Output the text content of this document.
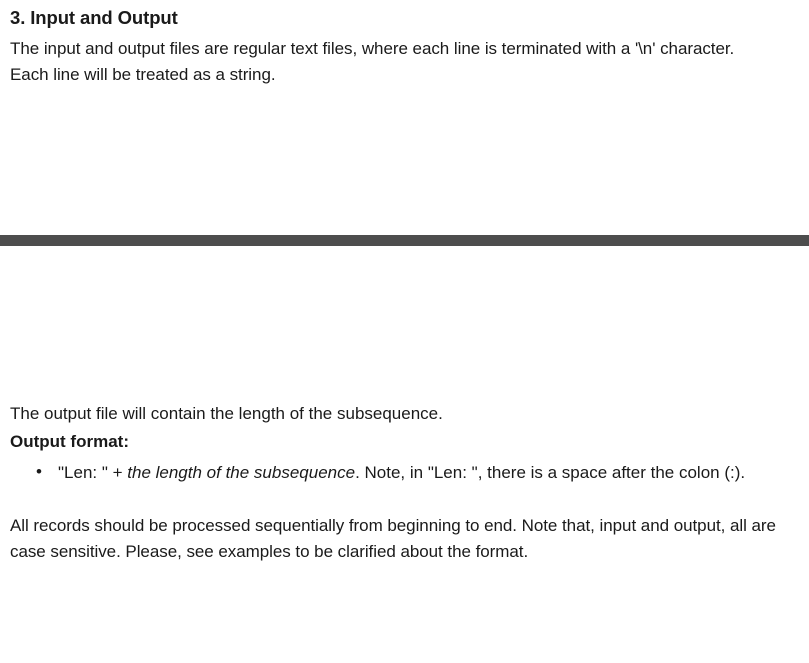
3. Input and Output

The input and output files are regular text files, where each line is terminated with a '\n' character. Each line will be treated as a string.

The output file will contain the length of the subsequence.

Output format:

• "Len: " + the length of the subsequence. Note, in "Len: ", there is a space after the colon (:).

All records should be processed sequentially from beginning to end. Note that, input and output, all are case sensitive. Please, see examples to be clarified about the format.
